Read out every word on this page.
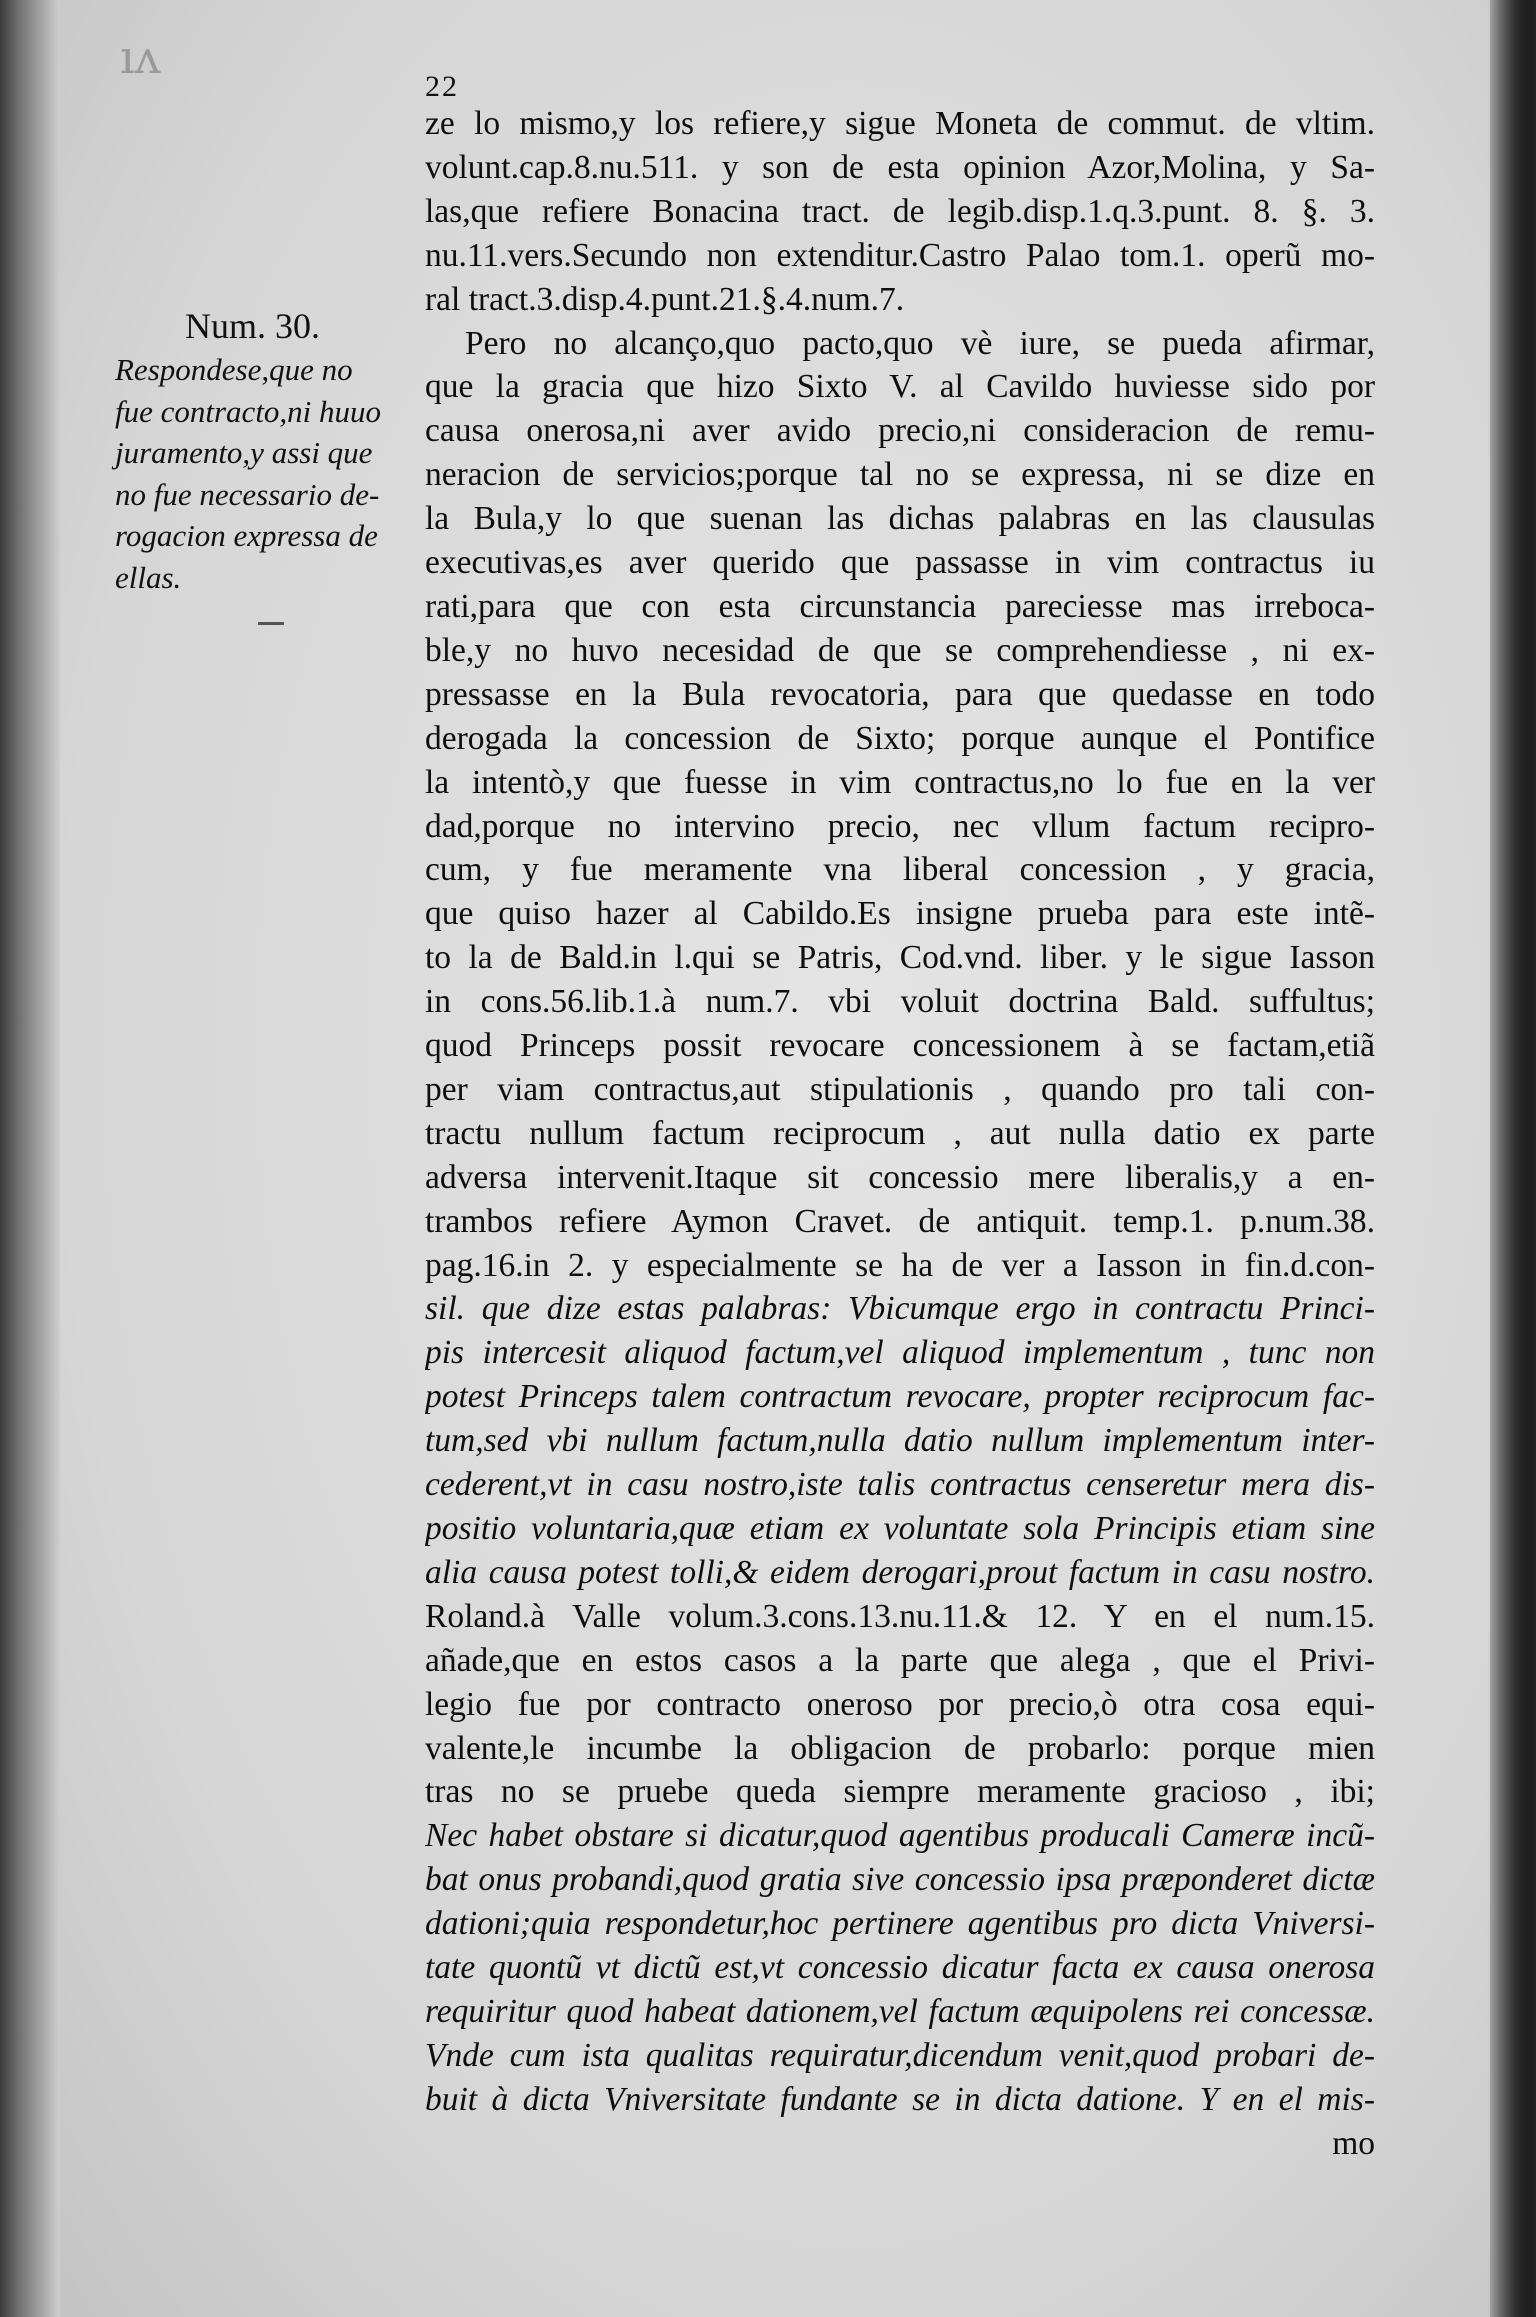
ıʌ
22
Num. 30.
Respondese,que no
fue contracto,ni huuo
juramento,y assi que
no fue necessario de-
rogacion expressa de
ellas.
ze lo mismo,y los refiere,y sigue Moneta de commut. de vltim.
volunt.cap.8.nu.511. y son de esta opinion Azor,Molina, y Sa-
las,que refiere Bonacina tract. de legib.disp.1.q.3.punt. 8. §. 3.
nu.11.vers.Secundo non extenditur.Castro Palao tom.1. operũ mo-
ral tract.3.disp.4.punt.21.§.4.num.7.
Pero no alcanço,quo pacto,quo vè iure, se pueda afirmar,
que la gracia que hizo Sixto V. al Cavildo huviesse sido por
causa onerosa,ni aver avido precio,ni consideracion de remu-
neracion de servicios;porque tal no se expressa, ni se dize en
la Bula,y lo que suenan las dichas palabras en las clausulas
executivas,es aver querido que passasse in vim contractus iu
rati,para que con esta circunstancia pareciesse mas irreboca-
ble,y no huvo necesidad de que se comprehendiesse , ni ex-
pressasse en la Bula revocatoria, para que quedasse en todo
derogada la concession de Sixto; porque aunque el Pontifice
la intentò,y que fuesse in vim contractus,no lo fue en la ver
dad,porque no intervino precio, nec vllum factum recipro-
cum, y fue meramente vna liberal concession , y gracia,
que quiso hazer al Cabildo.Es insigne prueba para este intẽ-
to la de Bald.in l.qui se Patris, Cod.vnd. liber. y le sigue Iasson
in cons.56.lib.1.à num.7. vbi voluit doctrina Bald. suffultus;
quod Princeps possit revocare concessionem à se factam,etiã
per viam contractus,aut stipulationis , quando pro tali con-
tractu nullum factum reciprocum , aut nulla datio ex parte
adversa intervenit.Itaque sit concessio mere liberalis,y a en-
trambos refiere Aymon Cravet. de antiquit. temp.1. p.num.38.
pag.16.in 2. y especialmente se ha de ver a Iasson in fin.d.con-
sil. que dize estas palabras: Vbicumque ergo in contractu Princi-
pis intercesit aliquod factum,vel aliquod implementum , tunc non
potest Princeps talem contractum revocare, propter reciprocum fac-
tum,sed vbi nullum factum,nulla datio nullum implementum inter-
cederent,vt in casu nostro,iste talis contractus censeretur mera dis-
positio voluntaria,quæ etiam ex voluntate sola Principis etiam sine
alia causa potest tolli,& eidem derogari,prout factum in casu nostro.
Roland.à Valle volum.3.cons.13.nu.11.& 12. Y en el num.15.
añade,que en estos casos a la parte que alega , que el Privi-
legio fue por contracto oneroso por precio,ò otra cosa equi-
valente,le incumbe la obligacion de probarlo: porque mien
tras no se pruebe queda siempre meramente gracioso , ibi;
Nec habet obstare si dicatur,quod agentibus producali Cameræ incũ-
bat onus probandi,quod gratia sive concessio ipsa præponderet dictæ
dationi;quia respondetur,hoc pertinere agentibus pro dicta Vniversi-
tate quontũ vt dictũ est,vt concessio dicatur facta ex causa onerosa
requiritur quod habeat dationem,vel factum æquipolens rei concessæ.
Vnde cum ista qualitas requiratur,dicendum venit,quod probari de-
buit à dicta Vniversitate fundante se in dicta datione. Y en el mis-
mo
